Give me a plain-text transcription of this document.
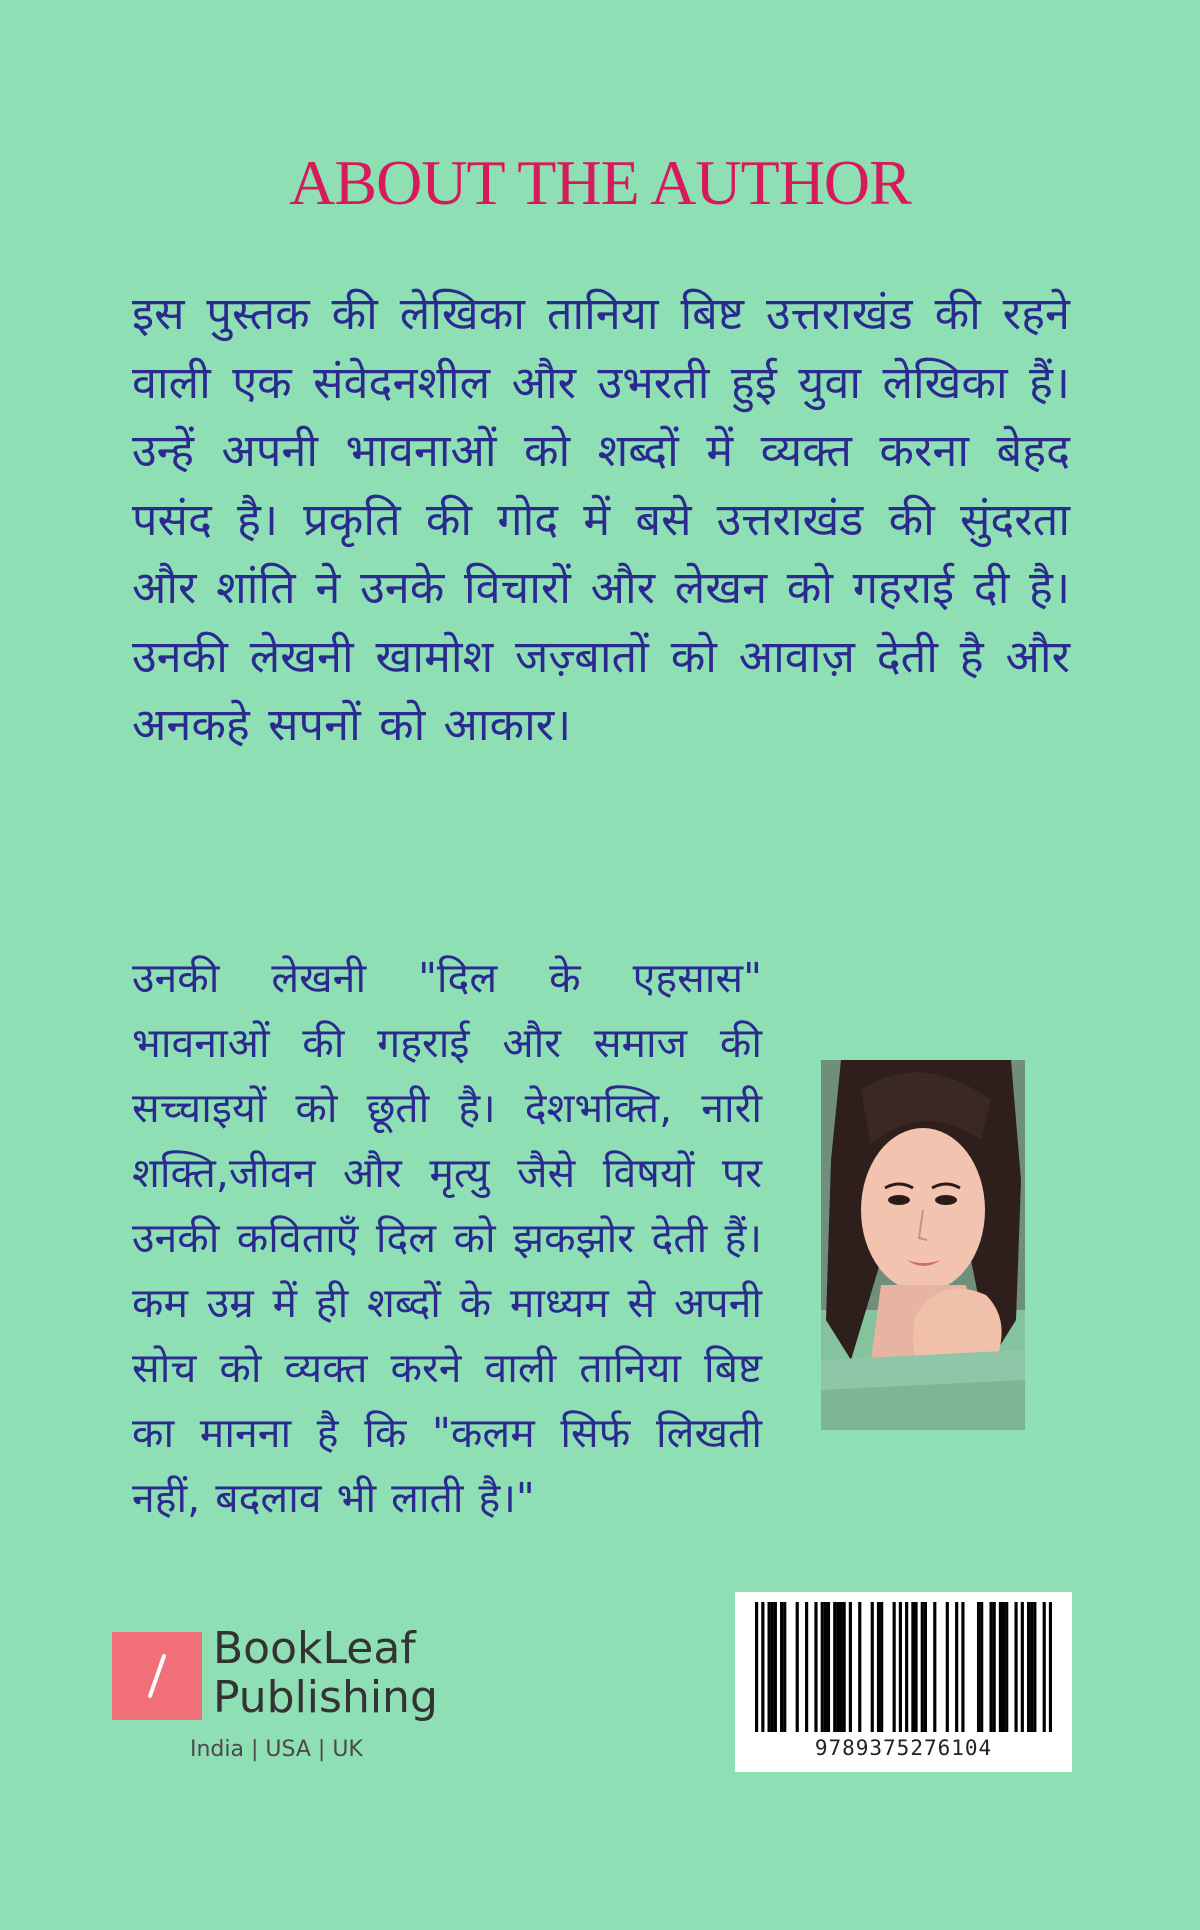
ABOUT THE AUTHOR
इस पुस्तक की लेखिका तानिया बिष्ट उत्तराखंड की रहने वाली एक संवेदनशील और उभरती हुई युवा लेखिका हैं। उन्हें अपनी भावनाओं को शब्दों में व्यक्त करना बेहद पसंद है। प्रकृति की गोद में बसे उत्तराखंड की सुंदरता और शांति ने उनके विचारों और लेखन को गहराई दी है। उनकी लेखनी खामोश जज़्बातों को आवाज़ देती है और अनकहे सपनों को आकार।
उनकी लेखनी "दिल के एहसास" भावनाओं की गहराई और समाज की सच्चाइयों को छूती है। देशभक्ति, नारी शक्ति,जीवन और मृत्यु जैसे विषयों पर उनकी कविताएँ दिल को झकझोर देती हैं। कम उम्र में ही शब्दों के माध्यम से अपनी सोच को व्यक्त करने वाली तानिया बिष्ट का मानना है कि "कलम सिर्फ लिखती नहीं, बदलाव भी लाती है।"
BookLeaf
Publishing
India | USA | UK	9789375276104
